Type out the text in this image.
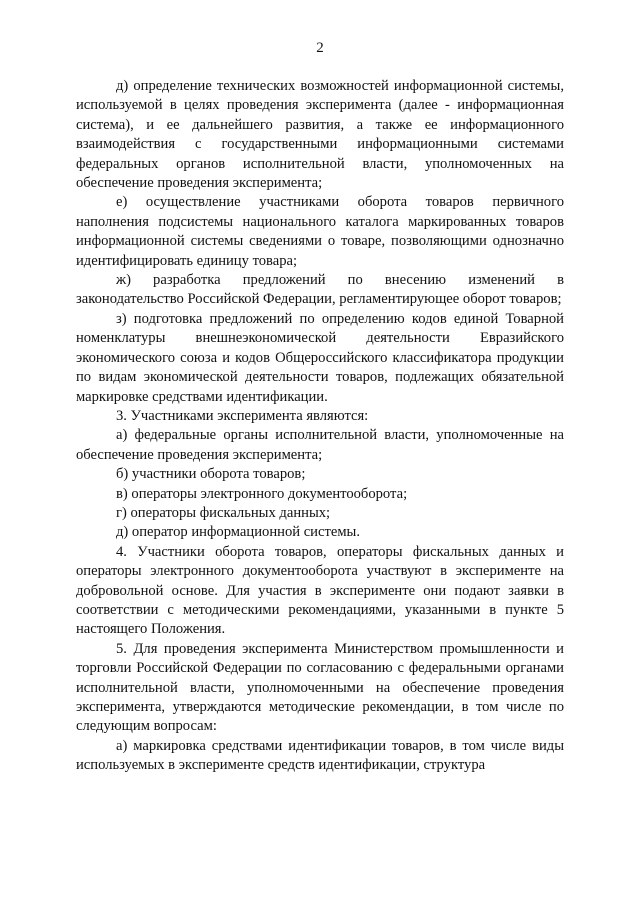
2

д) определение технических возможностей информационной системы, используемой в целях проведения эксперимента (далее - информационная система), и ее дальнейшего развития, а также ее информационного взаимодействия с государственными информационными системами федеральных органов исполнительной власти, уполномоченных на обеспечение проведения эксперимента;

е) осуществление участниками оборота товаров первичного наполнения подсистемы национального каталога маркированных товаров информационной системы сведениями о товаре, позволяющими однозначно идентифицировать единицу товара;

ж) разработка предложений по внесению изменений в законодательство Российской Федерации, регламентирующее оборот товаров;

з) подготовка предложений по определению кодов единой Товарной номенклатуры внешнеэкономической деятельности Евразийского экономического союза и кодов Общероссийского классификатора продукции по видам экономической деятельности товаров, подлежащих обязательной маркировке средствами идентификации.

3. Участниками эксперимента являются:

а) федеральные органы исполнительной власти, уполномоченные на обеспечение проведения эксперимента;

б) участники оборота товаров;

в) операторы электронного документооборота;

г) операторы фискальных данных;

д) оператор информационной системы.

4. Участники оборота товаров, операторы фискальных данных и операторы электронного документооборота участвуют в эксперименте на добровольной основе. Для участия в эксперименте они подают заявки в соответствии с методическими рекомендациями, указанными в пункте 5 настоящего Положения.

5. Для проведения эксперимента Министерством промышленности и торговли Российской Федерации по согласованию с федеральными органами исполнительной власти, уполномоченными на обеспечение проведения эксперимента, утверждаются методические рекомендации, в том числе по следующим вопросам:

а) маркировка средствами идентификации товаров, в том числе виды используемых в эксперименте средств идентификации, структура
